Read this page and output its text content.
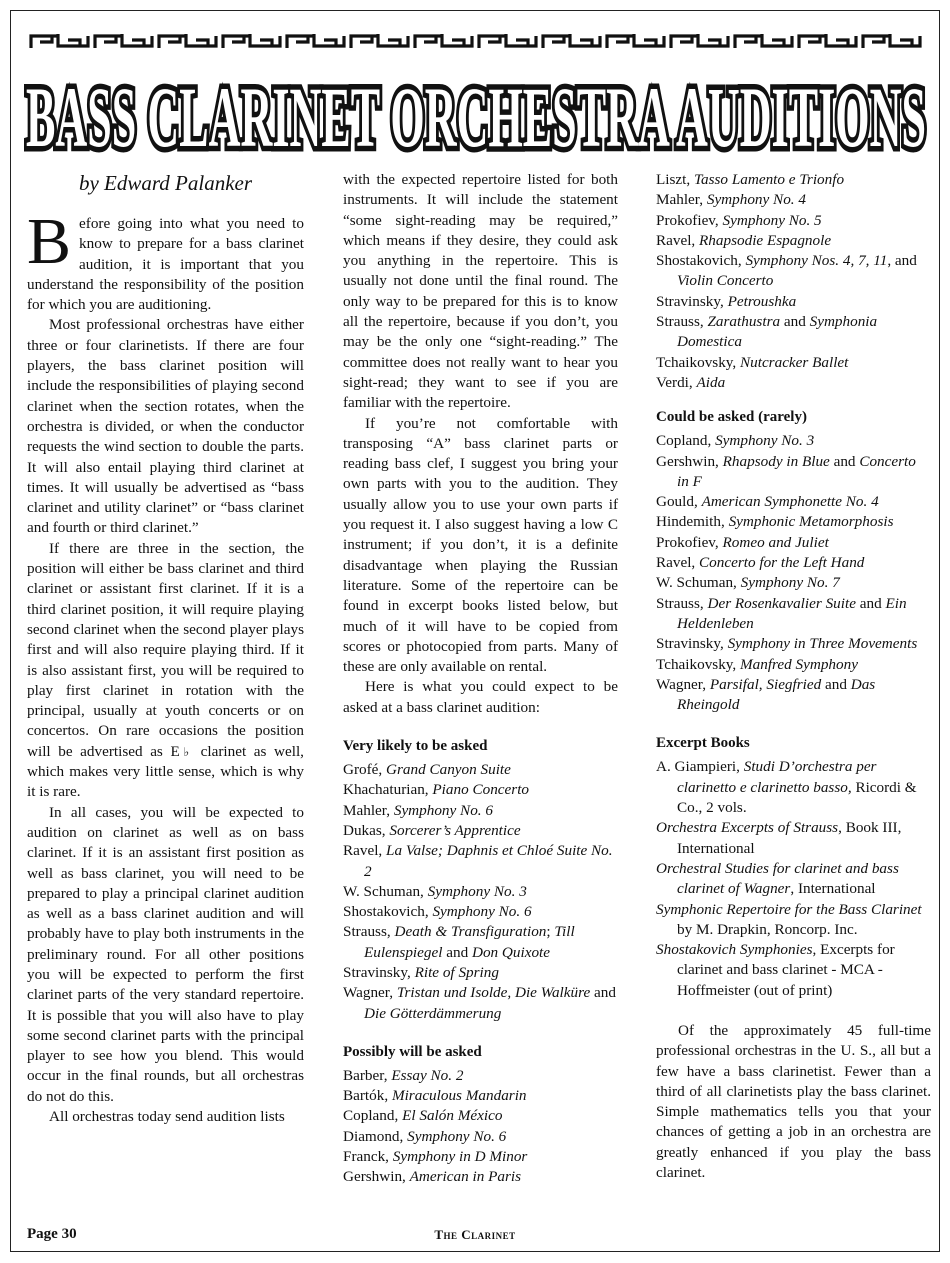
BASS CLARINET ORCHESTRA AUDITIONS

by Edward Palanker

Before going into what you need to know to prepare for a bass clarinet audition, it is important that you understand the responsibility of the position for which you are auditioning.

Most professional orchestras have either three or four clarinetists. If there are four players, the bass clarinet position will include the responsibilities of playing second clarinet when the section rotates, when the orchestra is divided, or when the conductor requests the wind section to double the parts. It will also entail playing third clarinet at times. It will usually be advertised as “bass clarinet and utility clarinet” or “bass clarinet and fourth or third clarinet.”

If there are three in the section, the position will either be bass clarinet and third clarinet or assistant first clarinet. If it is a third clarinet position, it will require playing second clarinet when the second player plays first and will also require playing third. If it is also assistant first, you will be required to play first clarinet in rotation with the principal, usually at youth concerts or on concertos. On rare occasions the position will be advertised as E♭ clarinet as well, which makes very little sense, which is why it is rare.

In all cases, you will be expected to audition on clarinet as well as on bass clarinet. If it is an assistant first position as well as bass clarinet, you will need to be prepared to play a principal clarinet audition as well as a bass clarinet audition and will probably have to play both instruments in the preliminary round. For all other positions you will be expected to perform the first clarinet parts of the very standard repertoire. It is possible that you will also have to play some second clarinet parts with the principal player to see how you blend. This would occur in the final rounds, but all orchestras do not do this.

All orchestras today send audition lists

with the expected repertoire listed for both instruments. It will include the statement “some sight-reading may be required,” which means if they desire, they could ask you anything in the repertoire. This is usually not done until the final round. The only way to be prepared for this is to know all the repertoire, because if you don’t, you may be the only one “sight-reading.” The committee does not really want to hear you sight-read; they want to see if you are familiar with the repertoire.

If you’re not comfortable with transposing “A” bass clarinet parts or reading bass clef, I suggest you bring your own parts with you to the audition. They usually allow you to use your own parts if you request it. I also suggest having a low C instrument; if you don’t, it is a definite disadvantage when playing the Russian literature. Some of the repertoire can be found in excerpt books listed below, but much of it will have to be copied from scores or photocopied from parts. Many of these are only available on rental.

Here is what you could expect to be asked at a bass clarinet audition:

Very likely to be asked
Grofé, Grand Canyon Suite
Khachaturian, Piano Concerto
Mahler, Symphony No. 6
Dukas, Sorcerer’s Apprentice
Ravel, La Valse; Daphnis et Chloé Suite No. 2
W. Schuman, Symphony No. 3
Shostakovich, Symphony No. 6
Strauss, Death & Transfiguration; Till Eulenspiegel and Don Quixote
Stravinsky, Rite of Spring
Wagner, Tristan und Isolde, Die Walküre and Die Götterdämmerung
Possibly will be asked
Barber, Essay No. 2
Bartók, Miraculous Mandarin
Copland, El Salón México
Diamond, Symphony No. 6
Franck, Symphony in D Minor
Gershwin, American in Paris
Liszt, Tasso Lamento e Trionfo
Mahler, Symphony No. 4
Prokofiev, Symphony No. 5
Ravel, Rhapsodie Espagnole
Shostakovich, Symphony Nos. 4, 7, 11, and Violin Concerto
Stravinsky, Petroushka
Strauss, Zarathustra and Symphonia Domestica
Tchaikovsky, Nutcracker Ballet
Verdi, Aida
Could be asked (rarely)
Copland, Symphony No. 3
Gershwin, Rhapsody in Blue and Concerto in F
Gould, American Symphonette No. 4
Hindemith, Symphonic Metamorphosis
Prokofiev, Romeo and Juliet
Ravel, Concerto for the Left Hand
W. Schuman, Symphony No. 7
Strauss, Der Rosenkavalier Suite and Ein Heldenleben
Stravinsky, Symphony in Three Movements
Tchaikovsky, Manfred Symphony
Wagner, Parsifal, Siegfried and Das Rheingold
Excerpt Books
A. Giampieri, Studi D’orchestra per clarinetto e clarinetto basso, Ricordi & Co., 2 vols.
Orchestra Excerpts of Strauss, Book III, International
Orchestral Studies for clarinet and bass clarinet of Wagner, International
Symphonic Repertoire for the Bass Clarinet by M. Drapkin, Roncorp. Inc.
Shostakovich Symphonies, Excerpts for clarinet and bass clarinet - MCA - Hoffmeister (out of print)

Of the approximately 45 full-time professional orchestras in the U. S., all but a few have a bass clarinetist. Fewer than a third of all clarinetists play the bass clarinet. Simple mathematics tells you that your chances of getting a job in an orchestra are greatly enhanced if you play the bass clarinet.

Page 30	The Clarinet
